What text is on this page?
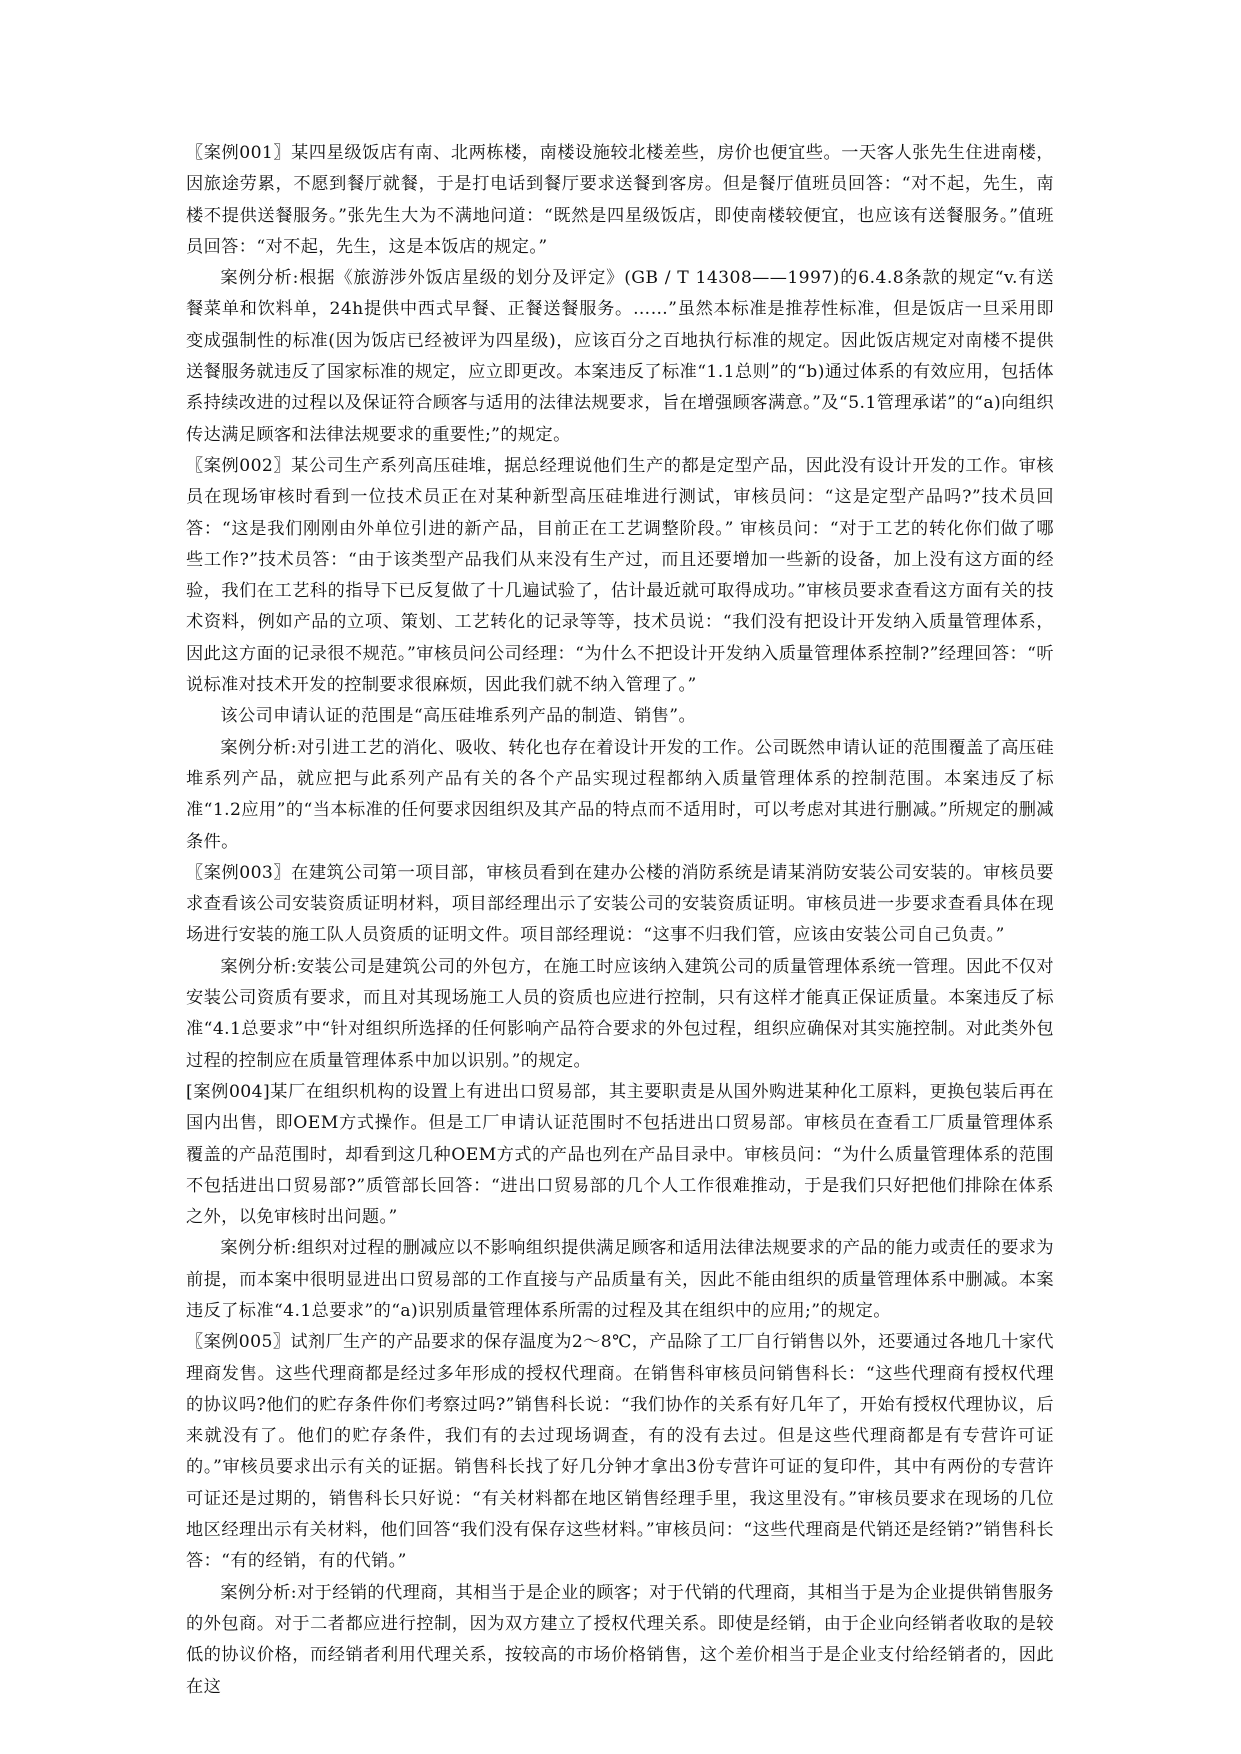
〖案例001〗某四星级饭店有南、北两栋楼，南楼设施较北楼差些，房价也便宜些。一天客人张先生住进南楼，因旅途劳累，不愿到餐厅就餐，于是打电话到餐厅要求送餐到客房。但是餐厅值班员回答：“对不起，先生，南楼不提供送餐服务。”张先生大为不满地问道：“既然是四星级饭店，即使南楼较便宜，也应该有送餐服务。”值班员回答：“对不起，先生，这是本饭店的规定。”

案例分析:根据《旅游涉外饭店星级的划分及评定》(GB / T 14308——1997)的6.4.8条款的规定“v.有送餐菜单和饮料单，24h提供中西式早餐、正餐送餐服务。……”虽然本标准是推荐性标准，但是饭店一旦采用即变成强制性的标准(因为饭店已经被评为四星级)，应该百分之百地执行标准的规定。因此饭店规定对南楼不提供送餐服务就违反了国家标准的规定，应立即更改。本案违反了标准“1.1总则”的“b)通过体系的有效应用，包括体系持续改进的过程以及保证符合顾客与适用的法律法规要求，旨在增强顾客满意。”及“5.1管理承诺”的“a)向组织传达满足顾客和法律法规要求的重要性;”的规定。

〖案例002〗某公司生产系列高压硅堆，据总经理说他们生产的都是定型产品，因此没有设计开发的工作。审核员在现场审核时看到一位技术员正在对某种新型高压硅堆进行测试，审核员问：“这是定型产品吗?”技术员回答：“这是我们刚刚由外单位引进的新产品，目前正在工艺调整阶段。” 审核员问：“对于工艺的转化你们做了哪些工作?”技术员答：“由于该类型产品我们从来没有生产过，而且还要增加一些新的设备，加上没有这方面的经验，我们在工艺科的指导下已反复做了十几遍试验了，估计最近就可取得成功。”审核员要求查看这方面有关的技术资料，例如产品的立项、策划、工艺转化的记录等等，技术员说：“我们没有把设计开发纳入质量管理体系，因此这方面的记录很不规范。”审核员问公司经理：“为什么不把设计开发纳入质量管理体系控制?”经理回答：“听说标准对技术开发的控制要求很麻烦，因此我们就不纳入管理了。”

该公司申请认证的范围是“高压硅堆系列产品的制造、销售”。

案例分析:对引进工艺的消化、吸收、转化也存在着设计开发的工作。公司既然申请认证的范围覆盖了高压硅堆系列产品，就应把与此系列产品有关的各个产品实现过程都纳入质量管理体系的控制范围。本案违反了标准“1.2应用”的“当本标准的任何要求因组织及其产品的特点而不适用时，可以考虑对其进行删减。”所规定的删减条件。

〖案例003〗在建筑公司第一项目部，审核员看到在建办公楼的消防系统是请某消防安装公司安装的。审核员要求查看该公司安装资质证明材料，项目部经理出示了安装公司的安装资质证明。审核员进一步要求查看具体在现场进行安装的施工队人员资质的证明文件。项目部经理说：“这事不归我们管，应该由安装公司自己负责。”

案例分析:安装公司是建筑公司的外包方，在施工时应该纳入建筑公司的质量管理体系统一管理。因此不仅对安装公司资质有要求，而且对其现场施工人员的资质也应进行控制，只有这样才能真正保证质量。本案违反了标准“4.1总要求”中“针对组织所选择的任何影响产品符合要求的外包过程，组织应确保对其实施控制。对此类外包过程的控制应在质量管理体系中加以识别。”的规定。

[案例004]某厂在组织机构的设置上有进出口贸易部，其主要职责是从国外购进某种化工原料，更换包装后再在国内出售，即OEM方式操作。但是工厂申请认证范围时不包括进出口贸易部。审核员在查看工厂质量管理体系覆盖的产品范围时，却看到这几种OEM方式的产品也列在产品目录中。审核员问：“为什么质量管理体系的范围不包括进出口贸易部?”质管部长回答：“进出口贸易部的几个人工作很难推动，于是我们只好把他们排除在体系之外，以免审核时出问题。”

案例分析:组织对过程的删减应以不影响组织提供满足顾客和适用法律法规要求的产品的能力或责任的要求为前提，而本案中很明显进出口贸易部的工作直接与产品质量有关，因此不能由组织的质量管理体系中删减。本案违反了标准“4.1总要求”的“a)识别质量管理体系所需的过程及其在组织中的应用;”的规定。

〖案例005〗试剂厂生产的产品要求的保存温度为2～8℃，产品除了工厂自行销售以外，还要通过各地几十家代理商发售。这些代理商都是经过多年形成的授权代理商。在销售科审核员问销售科长：“这些代理商有授权代理的协议吗?他们的贮存条件你们考察过吗?”销售科长说：“我们协作的关系有好几年了，开始有授权代理协议，后来就没有了。他们的贮存条件，我们有的去过现场调查，有的没有去过。但是这些代理商都是有专营许可证的。”审核员要求出示有关的证据。销售科长找了好几分钟才拿出3份专营许可证的复印件，其中有两份的专营许可证还是过期的，销售科长只好说：“有关材料都在地区销售经理手里，我这里没有。”审核员要求在现场的几位地区经理出示有关材料，他们回答“我们没有保存这些材料。”审核员问：“这些代理商是代销还是经销?”销售科长答：“有的经销，有的代销。”

案例分析:对于经销的代理商，其相当于是企业的顾客；对于代销的代理商，其相当于是为企业提供销售服务的外包商。对于二者都应进行控制，因为双方建立了授权代理关系。即使是经销，由于企业向经销者收取的是较低的协议价格，而经销者利用代理关系，按较高的市场价格销售，这个差价相当于是企业支付给经销者的，因此在这
